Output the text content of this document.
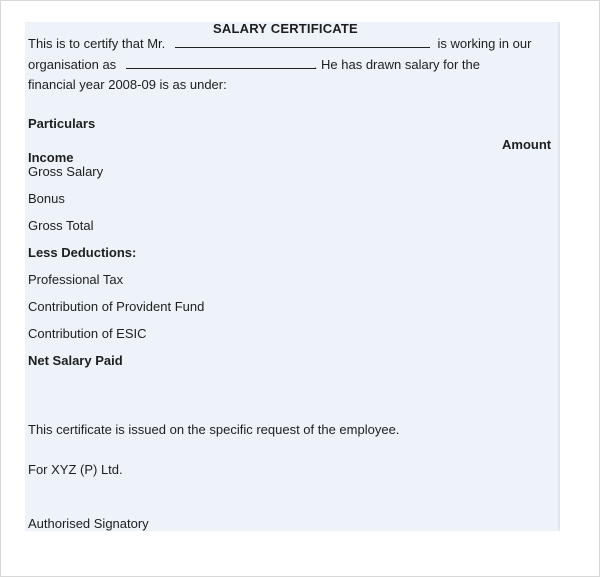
SALARY CERTIFICATE
This is to certify that Mr.	is working in our
organisation as	. He has drawn salary for the
financial year 2008-09 is as under:
Particulars
Amount
Income
Gross Salary
Bonus
Gross Total
Less Deductions:
Professional Tax
Contribution of Provident Fund
Contribution of ESIC
Net Salary Paid
This certificate is issued on the specific request of the employee.
For XYZ (P) Ltd.
Authorised Signatory
